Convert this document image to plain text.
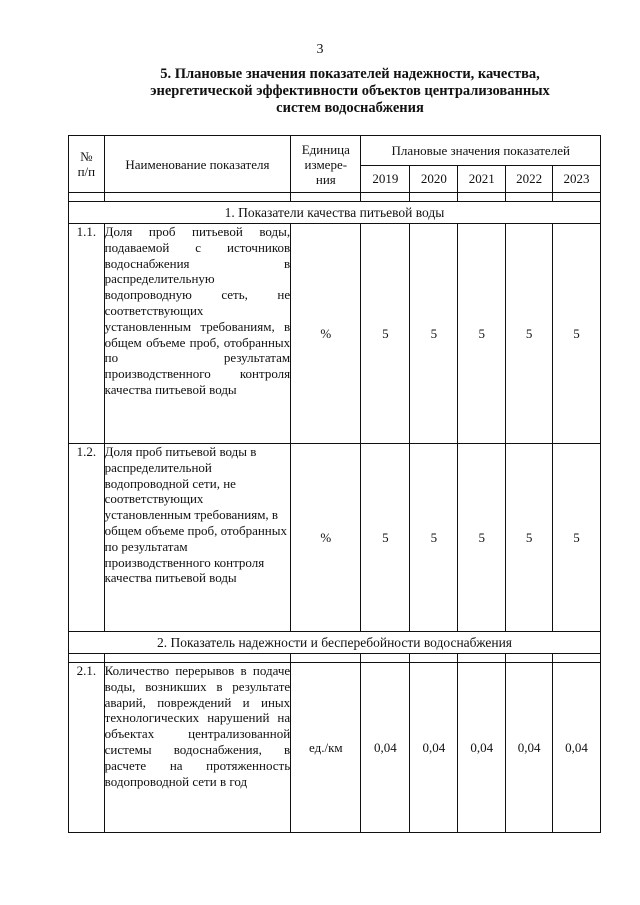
3
5. Плановые значения показателей надежности, качества,
энергетической эффективности объектов централизованных
систем водоснабжения
№
п/п	Наименование показателя	Единица
измере-
ния	Плановые значения показателей				
			2019	2020	2021	2022	2023

1. Показатели качества питьевой воды							
1.1.	Доля проб питьевой воды, подаваемой с источников водоснабжения в распределительную водопроводную сеть, не соответствующих установленным требованиям, в общем объеме проб, отобранных по результатам производственного контроля качества питьевой воды	%	5	5	5	5	5
1.2.	Доля проб питьевой воды в распределительной водопроводной сети, не соответствующих установленным требованиям, в общем объеме проб, отобранных по результатам производственного контроля качества питьевой воды	%	5	5	5	5	5
2. Показатель надежности и бесперебойности водоснабжения							

2.1.	Количество перерывов в подаче воды, возникших в результате аварий, повреждений и иных технологических нарушений на объектах централизованной системы водоснабжения, в расчете на протяженность водопроводной сети в год	ед./км	0,04	0,04	0,04	0,04	0,04
